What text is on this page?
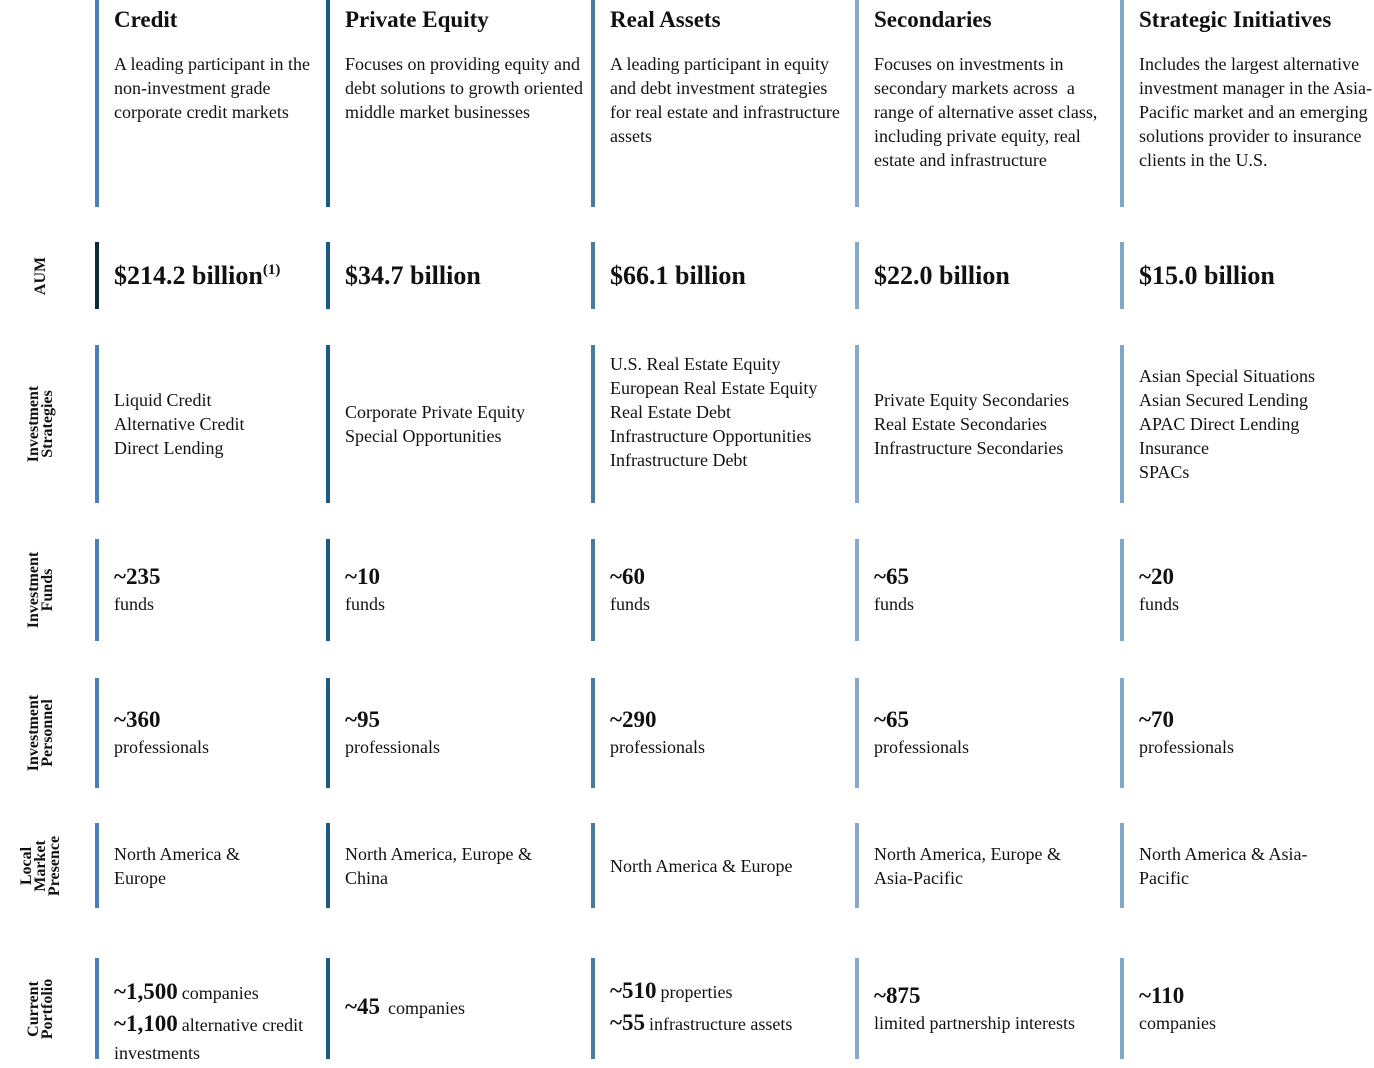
AUM
Investment
Strategies
Investment
Funds
Investment
Personnel
Local
Market
Presence
Current
Portfolio
Credit
A leading participant in the non-investment grade corporate credit markets
$214.2 billion$^{(1)}$
Liquid Credit
Alternative Credit
Direct Lending
~235
funds
~360
professionals
North America & Europe
~1,500 companies
~1,100 alternative credit investments
Private Equity
Focuses on providing equity and debt solutions to growth oriented middle market businesses
$34.7 billion
Corporate Private Equity
Special Opportunities
~10
funds
~95
professionals
North America, Europe & China
~45 companies
Real Assets
A leading participant in equity and debt investment strategies for real estate and infrastructure assets
$66.1 billion
U.S. Real Estate Equity
European Real Estate Equity
Real Estate Debt
Infrastructure Opportunities
Infrastructure Debt
~60
funds
~290
professionals
North America & Europe
~510 properties
~55 infrastructure assets
Secondaries
Focuses on investments in secondary markets across  a range of alternative asset class, including private equity, real estate and infrastructure
$22.0 billion
Private Equity Secondaries
Real Estate Secondaries
Infrastructure Secondaries
~65
funds
~65
professionals
North America, Europe & Asia-Pacific
~875
limited partnership interests
Strategic Initiatives
Includes the largest alternative investment manager in the Asia-Pacific market and an emerging solutions provider to insurance clients in the U.S.
$15.0 billion
Asian Special Situations
Asian Secured Lending
APAC Direct Lending
Insurance
SPACs
~20
funds
~70
professionals
North America & Asia-Pacific
~110
companies
